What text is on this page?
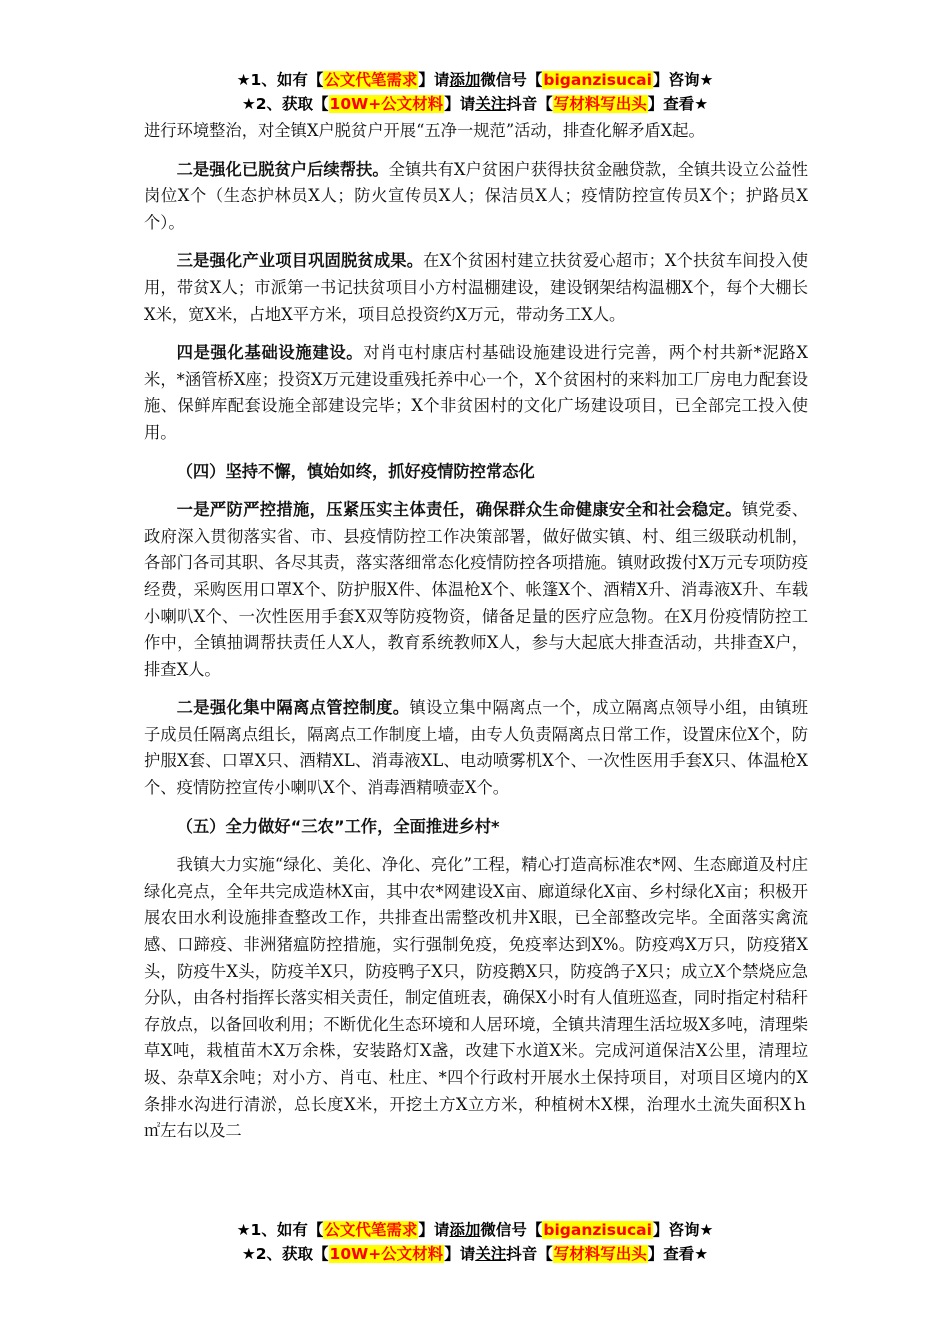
★1、如有【公文代笔需求】请添加微信号【biganzisucai】咨询★
★2、获取【10W+公文材料】请关注抖音【写材料写出头】查看★

进行环境整治，对全镇X户脱贫户开展“五净一规范”活动，排查化解矛盾X起。

二是强化已脱贫户后续帮扶。全镇共有X户贫困户获得扶贫金融贷款，全镇共设立公益性岗位X个（生态护林员X人；防火宣传员X人；保洁员X人；疫情防控宣传员X个；护路员X个）。

三是强化产业项目巩固脱贫成果。在X个贫困村建立扶贫爱心超市；X个扶贫车间投入使用，带贫X人；市派第一书记扶贫项目小方村温棚建设，建设钢架结构温棚X个，每个大棚长X米，宽X米，占地X平方米，项目总投资约X万元，带动务工X人。

四是强化基础设施建设。对肖屯村康店村基础设施建设进行完善，两个村共新*泥路X米，*涵管桥X座；投资X万元建设重残托养中心一个，X个贫困村的来料加工厂房电力配套设施、保鲜库配套设施全部建设完毕；X个非贫困村的文化广场建设项目，已全部完工投入使用。

（四）坚持不懈，慎始如终，抓好疫情防控常态化

一是严防严控措施，压紧压实主体责任，确保群众生命健康安全和社会稳定。镇党委、政府深入贯彻落实省、市、县疫情防控工作决策部署，做好做实镇、村、组三级联动机制，各部门各司其职、各尽其责，落实落细常态化疫情防控各项措施。镇财政拨付X万元专项防疫经费，采购医用口罩X个、防护服X件、体温枪X个、帐篷X个、酒精X升、消毒液X升、车载小喇叭X个、一次性医用手套X双等防疫物资，储备足量的医疗应急物。在X月份疫情防控工作中，全镇抽调帮扶责任人X人，教育系统教师X人，参与大起底大排查活动，共排查X户，排查X人。

二是强化集中隔离点管控制度。镇设立集中隔离点一个，成立隔离点领导小组，由镇班子成员任隔离点组长，隔离点工作制度上墙，由专人负责隔离点日常工作，设置床位X个，防护服X套、口罩X只、酒精XL、消毒液XL、电动喷雾机X个、一次性医用手套X只、体温枪X个、疫情防控宣传小喇叭X个、消毒酒精喷壶X个。

（五）全力做好“三农”工作，全面推进乡村*

我镇大力实施“绿化、美化、净化、亮化”工程，精心打造高标准农*网、生态廊道及村庄绿化亮点，全年共完成造林X亩，其中农*网建设X亩、廊道绿化X亩、乡村绿化X亩；积极开展农田水利设施排查整改工作，共排查出需整改机井X眼，已全部整改完毕。全面落实禽流感、口蹄疫、非洲猪瘟防控措施，实行强制免疫，免疫率达到X%。防疫鸡X万只，防疫猪X头，防疫牛X头，防疫羊X只，防疫鸭子X只，防疫鹅X只，防疫鸽子X只；成立X个禁烧应急分队，由各村指挥长落实相关责任，制定值班表，确保X小时有人值班巡查，同时指定村秸秆存放点，以备回收利用；不断优化生态环境和人居环境，全镇共清理生活垃圾X多吨，清理柴草X吨，栽植苗木X万余株，安装路灯X盏，改建下水道X米。完成河道保洁X公里，清理垃圾、杂草X余吨；对小方、肖屯、杜庄、*四个行政村开展水土保持项目，对项目区境内的X条排水沟进行清淤，总长度X米，开挖土方X立方米，种植树木X棵，治理水土流失面积Xｈ㎡左右以及二

★1、如有【公文代笔需求】请添加微信号【biganzisucai】咨询★
★2、获取【10W+公文材料】请关注抖音【写材料写出头】查看★
